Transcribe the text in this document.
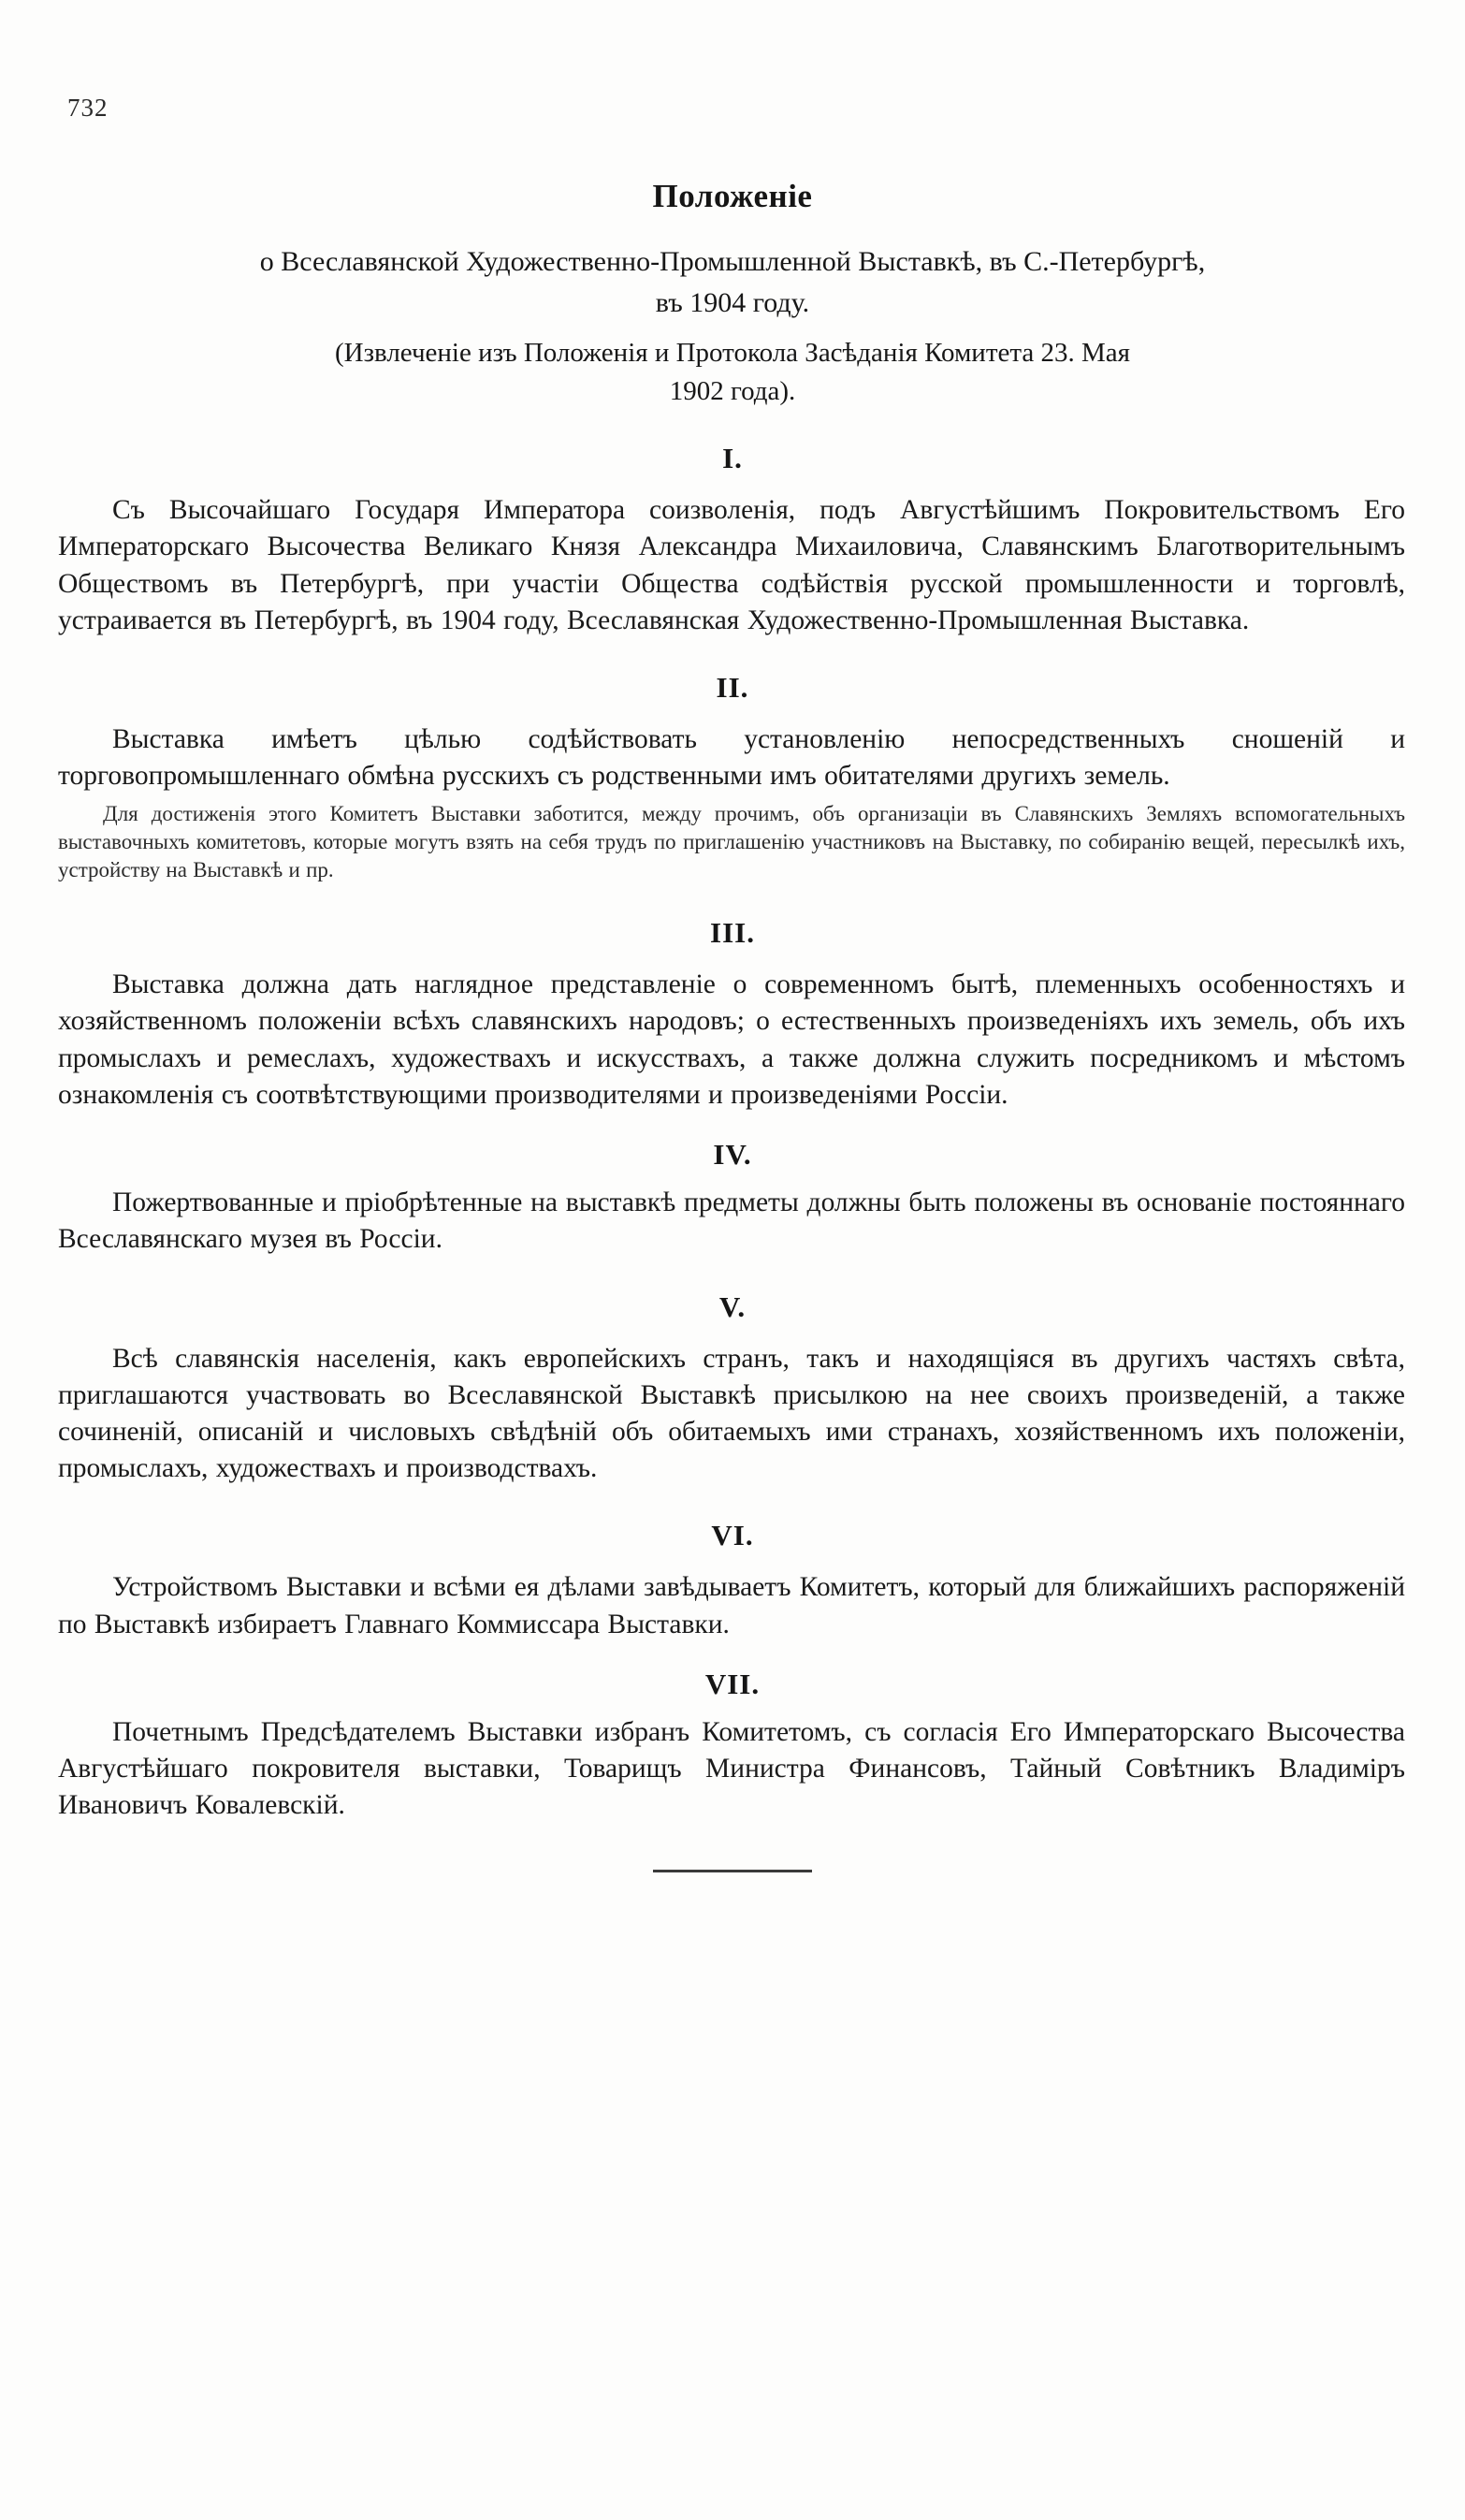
732
Положеніе
о Всеславянской Художественно-Промышленной Выставкѣ, въ С.-Петербургѣ,
въ 1904 году.
(Извлеченіе изъ Положенія и Протокола Засѣданія Комитета 23. Мая
1902 года).
I.

Съ Высочайшаго Государя Императора соизволенія, подъ Августѣйшимъ Покровительствомъ Его Императорскаго Высочества Великаго Князя Александра Михаиловича, Славянскимъ Благотворительнымъ Обществомъ въ Петербургѣ, при участіи Общества содѣйствія русской промышленности и торговлѣ, устраивается въ Петербургѣ, въ 1904 году, Всеславянская Художественно-Промышленная Выставка.

II.

Выставка имѣетъ цѣлью содѣйствовать установленію непосредственныхъ сношеній и торговопромышленнаго обмѣна русскихъ съ родственными имъ обитателями другихъ земель.

Для достиженія этого Комитетъ Выставки заботится, между прочимъ, объ организаціи въ Славянскихъ Земляхъ вспомогательныхъ выставочныхъ комитетовъ, которые могутъ взять на себя трудъ по приглашенію участниковъ на Выставку, по собиранію вещей, пересылкѣ ихъ, устройству на Выставкѣ и пр.

III.

Выставка должна дать наглядное представленіе о современномъ бытѣ, племенныхъ особенностяхъ и хозяйственномъ положеніи всѣхъ славянскихъ народовъ; о естественныхъ произведеніяхъ ихъ земель, объ ихъ промыслахъ и ремеслахъ, художествахъ и искусствахъ, а также должна служить посредникомъ и мѣстомъ ознакомленія съ соотвѣтствующими производителями и произведеніями Россіи.

IV.

Пожертвованные и пріобрѣтенные на выставкѣ предметы должны быть положены въ основаніе постояннаго Всеславянскаго музея въ Россіи.

V.

Всѣ славянскія населенія, какъ европейскихъ странъ, такъ и находящіяся въ другихъ частяхъ свѣта, приглашаются участвовать во Всеславянской Выставкѣ присылкою на нее своихъ произведеній, а также сочиненій, описаній и числовыхъ свѣдѣній объ обитаемыхъ ими странахъ, хозяйственномъ ихъ положеніи, промыслахъ, художествахъ и производствахъ.

VI.

Устройствомъ Выставки и всѣми ея дѣлами завѣдываетъ Комитетъ, который для ближайшихъ распоряженій по Выставкѣ избираетъ Главнаго Коммиссара Выставки.

VII.

Почетнымъ Предсѣдателемъ Выставки избранъ Комитетомъ, съ согласія Его Императорскаго Высочества Августѣйшаго покровителя выставки, Товарищъ Министра Финансовъ, Тайный Совѣтникъ Владиміръ Ивановичъ Ковалевскій.
